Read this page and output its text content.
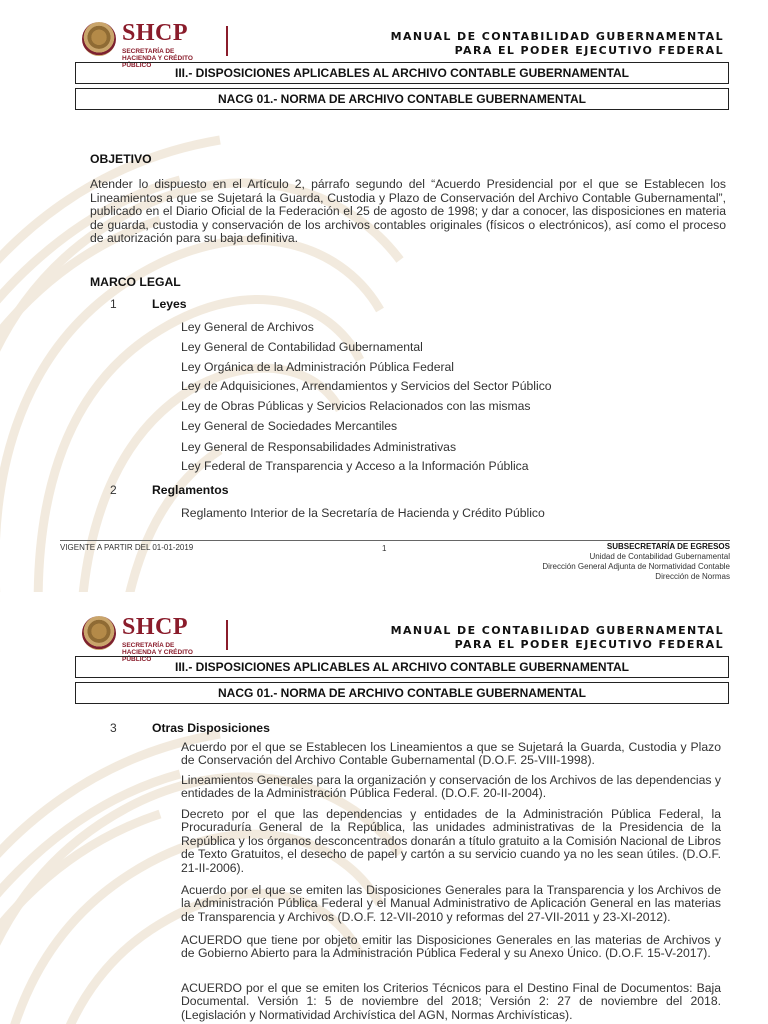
SHCP
SECRETARÍA DE HACIENDA Y CRÉDITO PÚBLICO
MANUAL DE CONTABILIDAD GUBERNAMENTAL
PARA EL PODER EJECUTIVO FEDERAL
III.- DISPOSICIONES APLICABLES AL ARCHIVO CONTABLE GUBERNAMENTAL
NACG 01.- NORMA DE ARCHIVO CONTABLE GUBERNAMENTAL
OBJETIVO
Atender lo dispuesto en el Artículo 2, párrafo segundo del “Acuerdo Presidencial por el que se Establecen los Lineamientos a que se Sujetará la Guarda, Custodia y Plazo de Conservación del Archivo Contable Gubernamental”, publicado en el Diario Oficial de la Federación el 25 de agosto de 1998; y dar a conocer, las disposiciones en materia de guarda, custodia y conservación de los archivos contables originales (físicos o electrónicos), así como el proceso de autorización para su baja definitiva.
MARCO LEGAL
1	Leyes
Ley General de Archivos
Ley General de Contabilidad Gubernamental
Ley Orgánica de la Administración Pública Federal
Ley de Adquisiciones, Arrendamientos y Servicios del Sector Público
Ley de Obras Públicas y Servicios Relacionados con las mismas
Ley General de Sociedades Mercantiles
Ley General de Responsabilidades Administrativas
Ley Federal de Transparencia y Acceso a la Información Pública
2	Reglamentos
Reglamento Interior de la Secretaría de Hacienda y Crédito Público
VIGENTE A PARTIR DEL 01-01-2019	1	SUBSECRETARÍA DE EGRESOS
Unidad de Contabilidad Gubernamental
Dirección General Adjunta de Normatividad Contable
Dirección de Normas
SHCP
SECRETARÍA DE HACIENDA Y CRÉDITO PÚBLICO
MANUAL DE CONTABILIDAD GUBERNAMENTAL
PARA EL PODER EJECUTIVO FEDERAL
III.- DISPOSICIONES APLICABLES AL ARCHIVO CONTABLE GUBERNAMENTAL
NACG 01.- NORMA DE ARCHIVO CONTABLE GUBERNAMENTAL
3	Otras Disposiciones
Acuerdo por el que se Establecen los Lineamientos a que se Sujetará la Guarda, Custodia y Plazo de Conservación del Archivo Contable Gubernamental (D.O.F. 25-VIII-1998).
Lineamientos Generales para la organización y conservación de los Archivos de las dependencias y entidades de la Administración Pública Federal. (D.O.F. 20-II-2004).
Decreto por el que las dependencias y entidades de la Administración Pública Federal, la Procuraduría General de la República, las unidades administrativas de la Presidencia de la República y los órganos desconcentrados donarán a título gratuito a la Comisión Nacional de Libros de Texto Gratuitos, el desecho de papel y cartón a su servicio cuando ya no les sean útiles. (D.O.F. 21-II-2006).
Acuerdo por el que se emiten las Disposiciones Generales para la Transparencia y los Archivos de la Administración Pública Federal y el Manual Administrativo de Aplicación General en las materias de Transparencia y Archivos (D.O.F. 12-VII-2010 y reformas del 27-VII-2011 y 23-XI-2012).
ACUERDO que tiene por objeto emitir las Disposiciones Generales en las materias de Archivos y de Gobierno Abierto para la Administración Pública Federal y su Anexo Único. (D.O.F. 15-V-2017).
ACUERDO por el que se emiten los Criterios Técnicos para el Destino Final de Documentos: Baja Documental. Versión 1: 5 de noviembre del 2018; Versión 2: 27 de noviembre del 2018. (Legislación y Normatividad Archivística del AGN, Normas Archivísticas).
